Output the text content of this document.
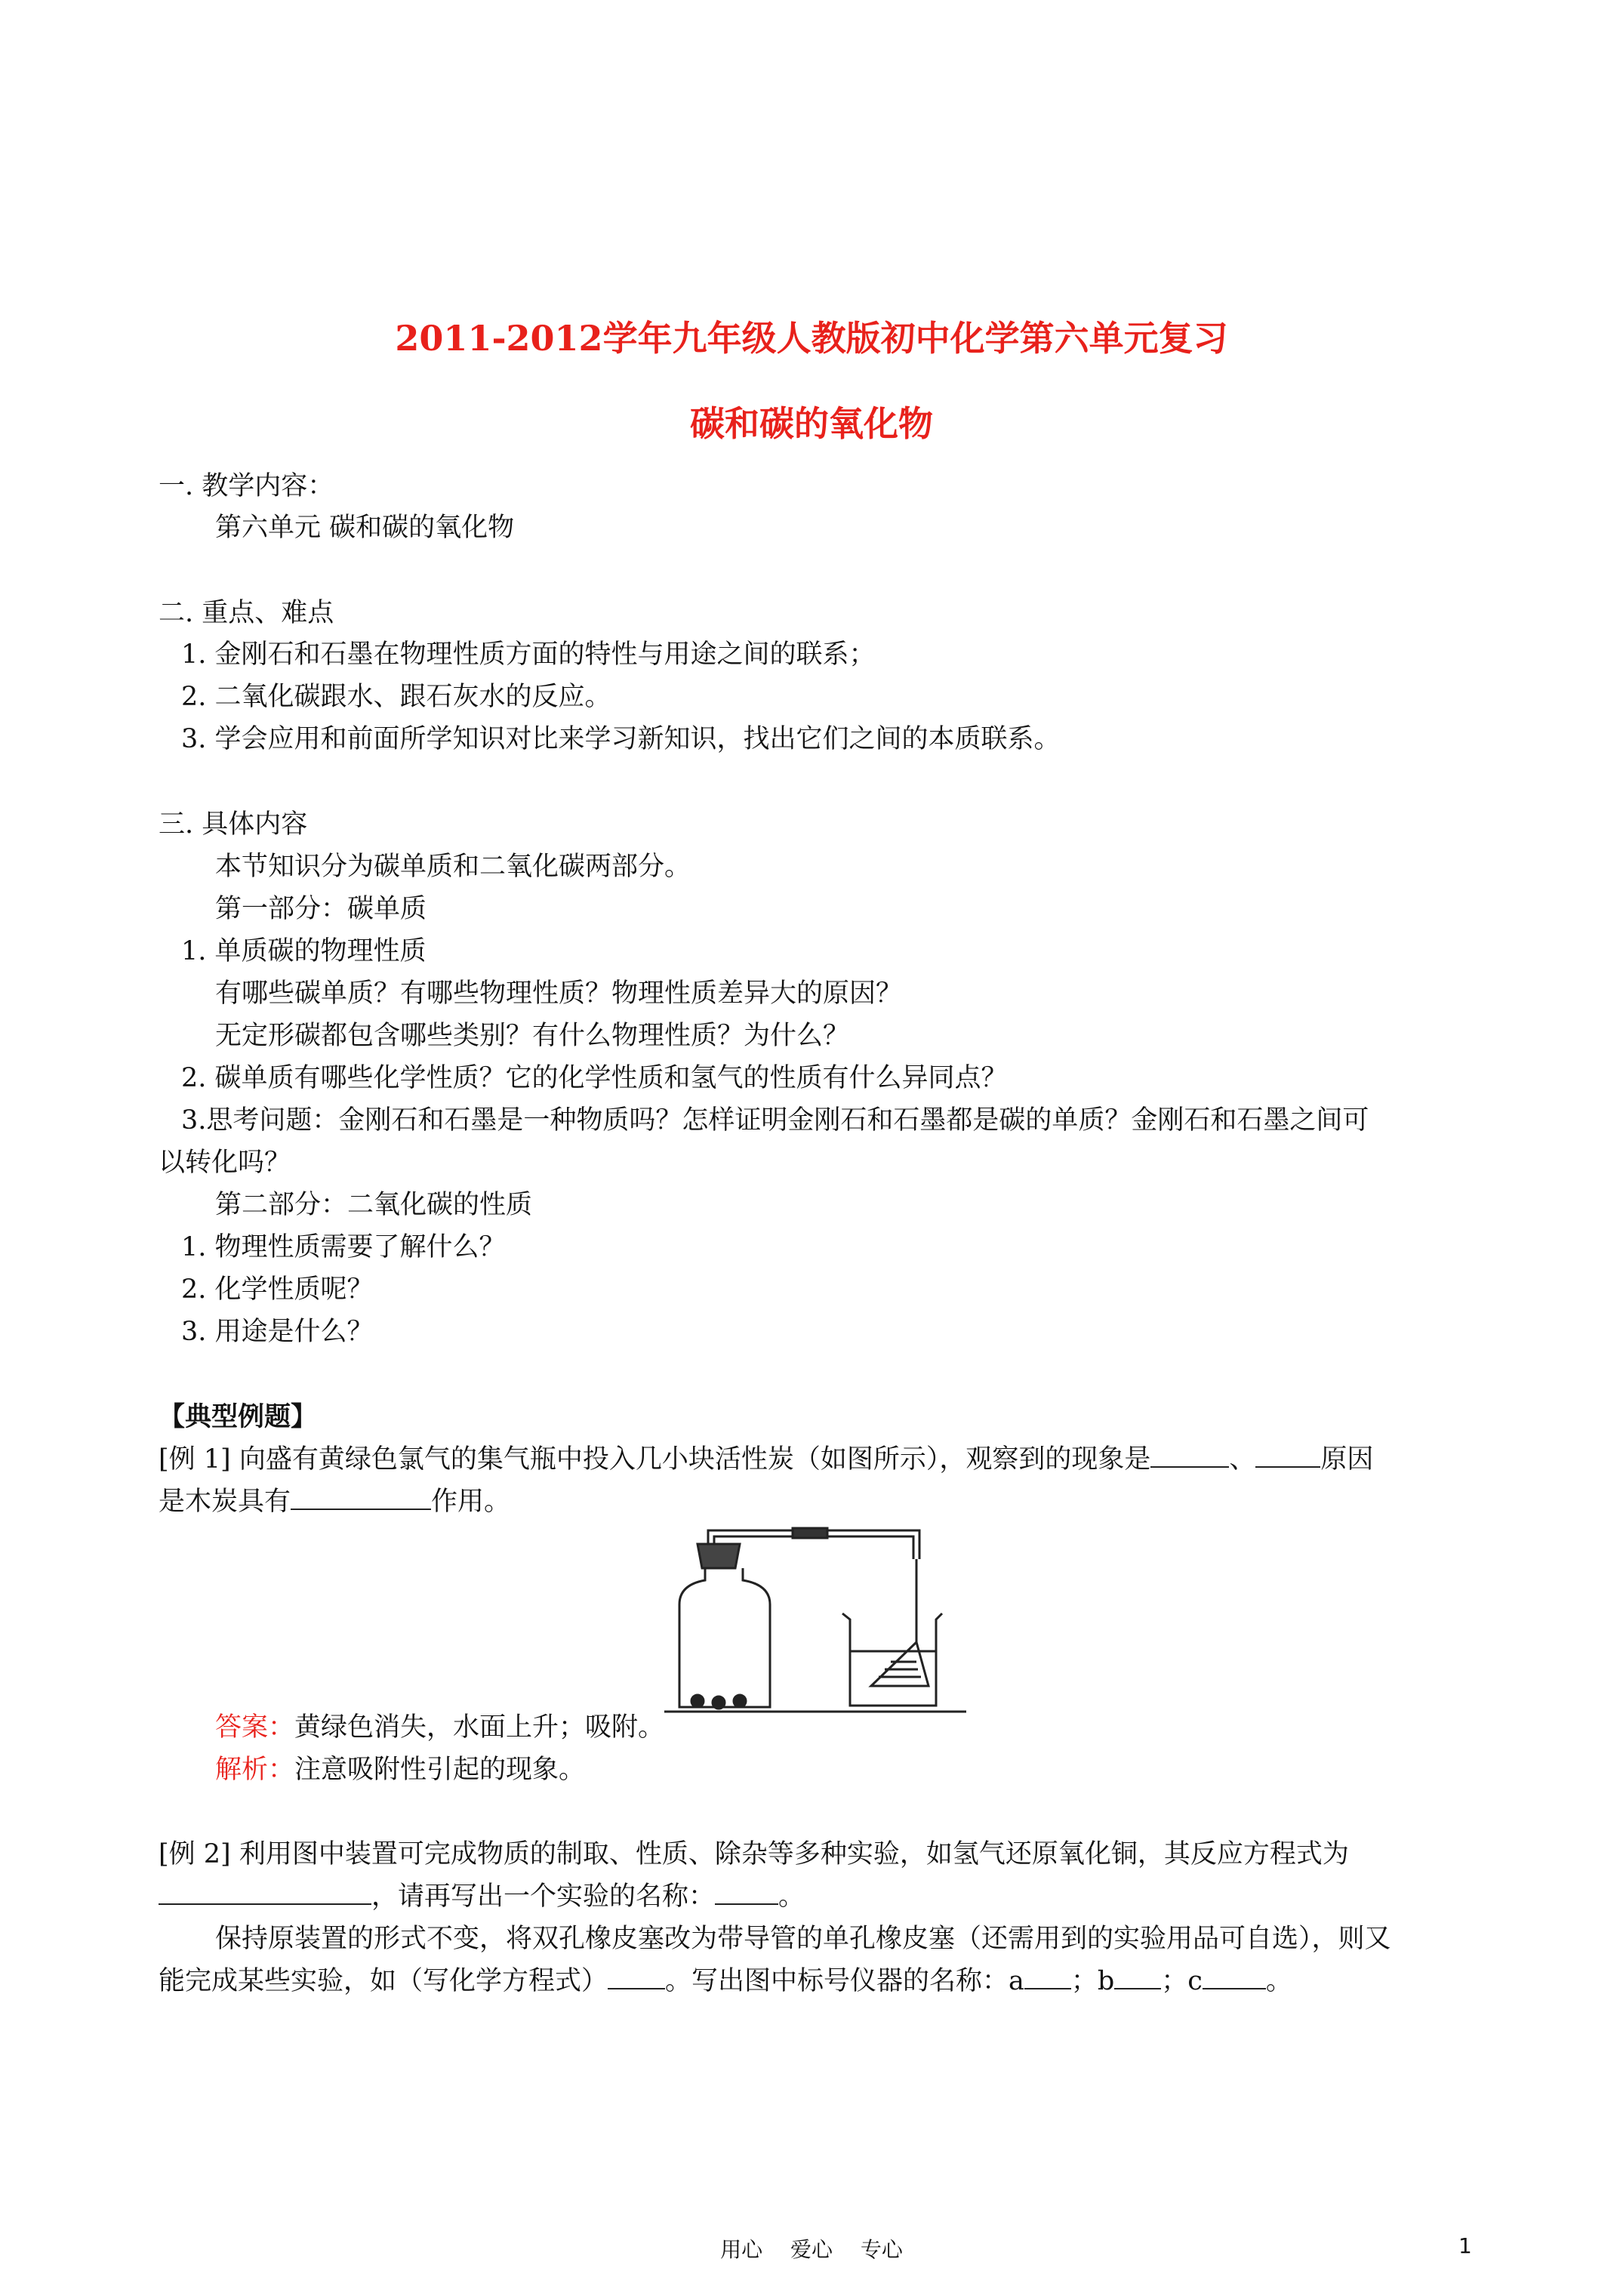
2011-2012学年九年级人教版初中化学第六单元复习
碳和碳的氧化物
一. 教学内容：
第六单元 碳和碳的氧化物
二. 重点、难点
1. 金刚石和石墨在物理性质方面的特性与用途之间的联系；
2. 二氧化碳跟水、跟石灰水的反应。
3. 学会应用和前面所学知识对比来学习新知识，找出它们之间的本质联系。
三. 具体内容
本节知识分为碳单质和二氧化碳两部分。
第一部分：碳单质
1. 单质碳的物理性质
有哪些碳单质？有哪些物理性质？物理性质差异大的原因？
无定形碳都包含哪些类别？有什么物理性质？为什么？
2. 碳单质有哪些化学性质？它的化学性质和氢气的性质有什么异同点？
3.思考问题：金刚石和石墨是一种物质吗？怎样证明金刚石和石墨都是碳的单质？金刚石和石墨之间可
以转化吗？
第二部分：二氧化碳的性质
1. 物理性质需要了解什么？
2. 化学性质呢？
3. 用途是什么？
【典型例题】
[例 1] 向盛有黄绿色氯气的集气瓶中投入几小块活性炭（如图所示），观察到的现象是	、 原因
是木炭具有	作用。
答案：黄绿色消失，水面上升；吸附。
解析：注意吸附性引起的现象。
[例 2] 利用图中装置可完成物质的制取、性质、除杂等多种实验，如氢气还原氧化铜，其反应方程式为
，请再写出一个实验的名称： 。
保持原装置的形式不变，将双孔橡皮塞改为带导管的单孔橡皮塞（还需用到的实验用品可自选），则又
能完成某些实验，如（写化学方程式） 。写出图中标号仪器的名称：a ；b ；c 。
用心 爱心 专心	1
